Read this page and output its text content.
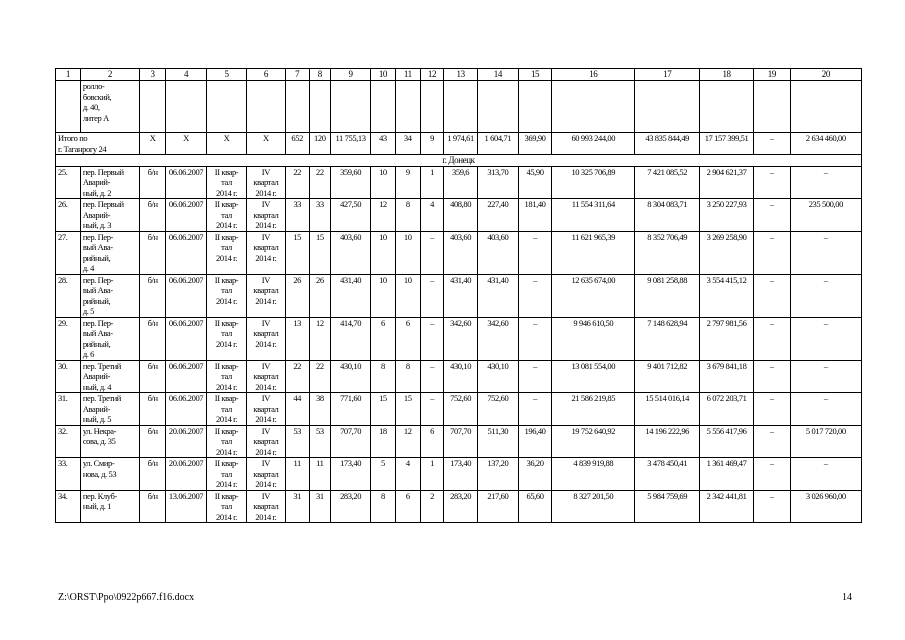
1	2	3	4	5	6	7	8	9	10	11	12	13	14	15	16	17	18	19	20
	ролло-
бовский,
д. 40,
литер А																		
Итого по
г. Таганрогу 24		Х	Х	Х	Х	652	120	11 755,13	43	34	9	1 974,61	1 604,71	369,90	60 993 244,00	43 835 844,49	17 157 399,51	–	2 634 460,00
г. Донецк																			
25.	пер. Первый
Аварий-
ный, д. 2	б/н	06.06.2007	II квар-
тал
2014 г.	IV квартал
2014 г.	22	22	359,60	10	9	1	359,6	313,70	45,90	10 325 706,89	7 421 085,52	2 904 621,37	–	–
26.	пер. Первый
Аварий-
ный, д. 3	б/н	06.06.2007	II квар-
тал
2014 г.	IV квартал
2014 г.	33	33	427,50	12	8	4	408,80	227,40	181,40	11 554 311,64	8 304 083,71	3 250 227,93	–	235 500,00
27.	пер. Пер-
вый Ава-
рийный,
д. 4	б/н	06.06.2007	II квар-
тал
2014 г.	IV квартал
2014 г.	15	15	403,60	10	10	–	403,60	403,60	–	11 621 965,39	8 352 706,49	3 269 258,90	–	–
28.	пер. Пер-
вый Ава-
рийный,
д. 5	б/н	06.06.2007	II квар-
тал
2014 г.	IV квартал
2014 г.	26	26	431,40	10	10	–	431,40	431,40	–	12 635 674,00	9 081 258,88	3 554 415,12	–	–
29.	пер. Пер-
вый Ава-
рийный,
д. 6	б/н	06.06.2007	II квар-
тал
2014 г.	IV квартал
2014 г.	13	12	414,70	6	6	–	342,60	342,60	–	9 946 610,50	7 148 628,94	2 797 981,56	–	–
30.	пер. Третий
Аварий-
ный, д. 4	б/н	06.06.2007	II квар-
тал
2014 г.	IV квартал
2014 г.	22	22	430,10	8	8	–	430,10	430,10	–	13 081 554,00	9 401 712,82	3 679 841,18	–	–
31.	пер. Третий
Аварий-
ный, д. 5	б/н	06.06.2007	II квар-
тал
2014 г.	IV квартал
2014 г.	44	38	771,60	15	15	–	752,60	752,60	–	21 586 219,85	15 514 016,14	6 072 203,71	–	–
32.	ул. Некра-
сова, д. 35	б/н	20.06.2007	II квар-
тал
2014 г.	IV квартал
2014 г.	53	53	707,70	18	12	6	707,70	511,30	196,40	19 752 640,92	14 196 222,96	5 556 417,96	–	5 017 720,00
33.	ул. Смир-
нова, д. 53	б/н	20.06.2007	II квар-
тал
2014 г.	IV квартал
2014 г.	11	11	173,40	5	4	1	173,40	137,20	36,20	4 839 919,88	3 478 450,41	1 361 469,47	–	–
34.	пер. Клуб-
ный, д. 1	б/н	13.06.2007	II квар-
тал
2014 г.	IV квартал
2014 г.	31	31	283,20	8	6	2	283,20	217,60	65,60	8 327 201,50	5 984 759,69	2 342 441,81	–	3 026 960,00
Z:\ORST\Ppo\0922p667.f16.docx	14
